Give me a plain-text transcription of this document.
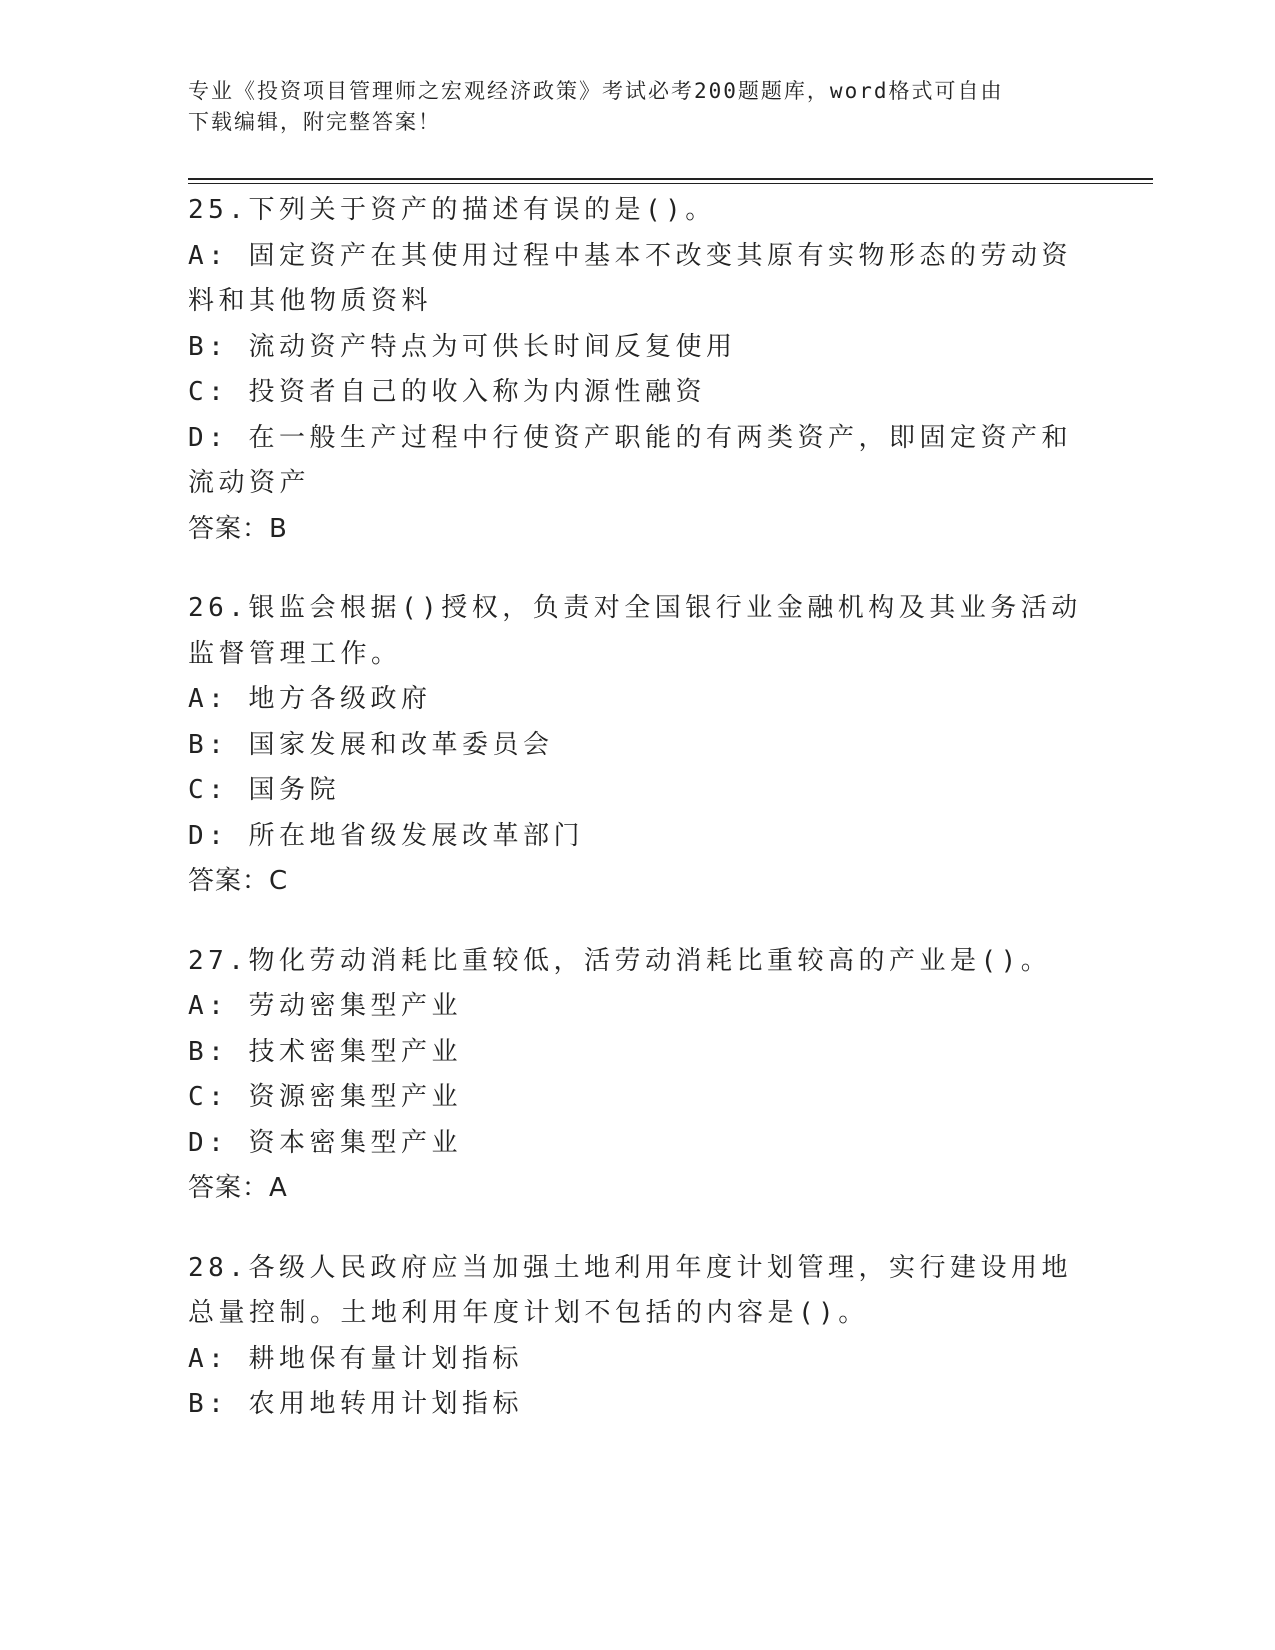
专业《投资项目管理师之宏观经济政策》考试必考200题题库，word格式可自由
下载编辑，附完整答案！
25.下列关于资产的描述有误的是()。
A: 固定资产在其使用过程中基本不改变其原有实物形态的劳动资料和其他物质资料
B: 流动资产特点为可供长时间反复使用
C: 投资者自己的收入称为内源性融资
D: 在一般生产过程中行使资产职能的有两类资产，即固定资产和流动资产
答案：B
26.银监会根据()授权，负责对全国银行业金融机构及其业务活动监督管理工作。
A: 地方各级政府
B: 国家发展和改革委员会
C: 国务院
D: 所在地省级发展改革部门
答案：C
27.物化劳动消耗比重较低，活劳动消耗比重较高的产业是()。
A: 劳动密集型产业
B: 技术密集型产业
C: 资源密集型产业
D: 资本密集型产业
答案：A
28.各级人民政府应当加强土地利用年度计划管理，实行建设用地总量控制。土地利用年度计划不包括的内容是()。
A: 耕地保有量计划指标
B: 农用地转用计划指标
